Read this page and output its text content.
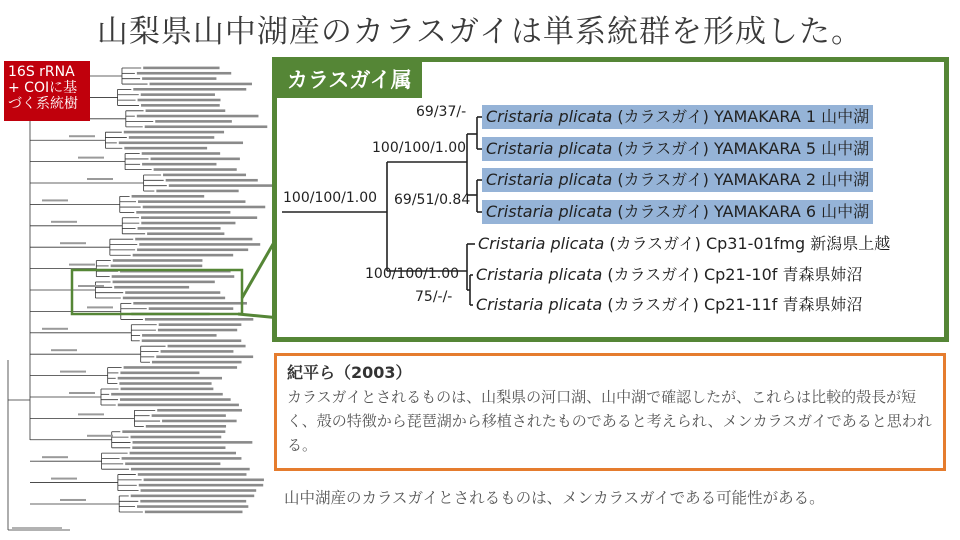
山梨県山中湖産のカラスガイは単系統群を形成した。
16S rRNA + COIに基づく系統樹
カラスガイ属
100/100/1.00
100/100/1.00
69/37/-
69/51/0.84
100/100/1.00
75/-/-
Cristaria plicata (カラスガイ) YAMAKARA 1 山中湖
Cristaria plicata (カラスガイ) YAMAKARA 5 山中湖
Cristaria plicata (カラスガイ) YAMAKARA 2 山中湖
Cristaria plicata (カラスガイ) YAMAKARA 6 山中湖
Cristaria plicata (カラスガイ) Cp31-01fmg 新潟県上越
Cristaria plicata (カラスガイ) Cp21-10f 青森県姉沼
Cristaria plicata (カラスガイ) Cp21-11f 青森県姉沼
紀平ら（2003）
カラスガイとされるものは、山梨県の河口湖、山中湖で確認したが、これらは比較的殻長が短く、殻の特徴から琵琶湖から移植されたものであると考えられ、メンカラスガイであると思われる。
山中湖産のカラスガイとされるものは、メンカラスガイである可能性がある。
